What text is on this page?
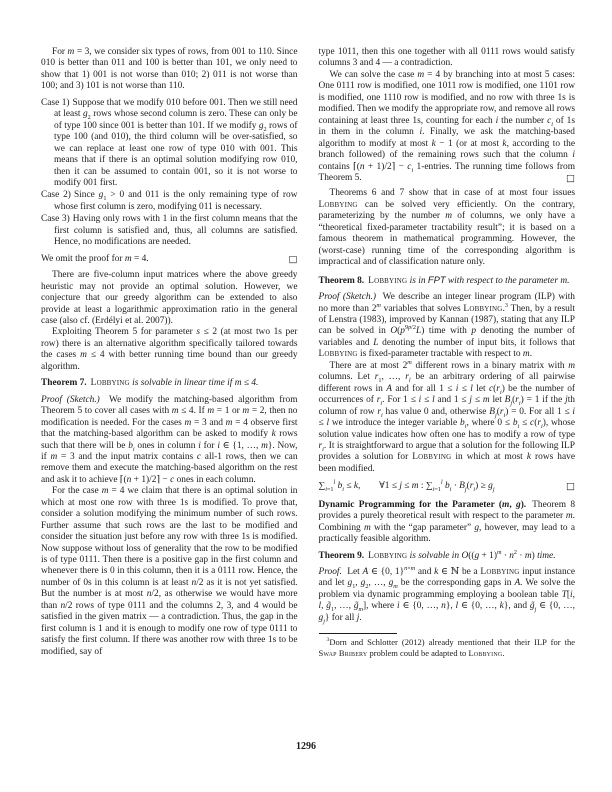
For m = 3, we consider six types of rows, from 001 to 110. Since 010 is better than 011 and 100 is better than 101, we only need to show that 1) 001 is not worse than 010; 2) 011 is not worse than 100; and 3) 101 is not worse than 110.

Case 1) Suppose that we modify 010 before 001. Then we still need at least $g_2$ rows whose second column is zero. These can only be of type 100 since 001 is better than 101. If we modify $g_2$ rows of type 100 (and 010), the third column will be over-satisfied, so we can replace at least one row of type 010 with 001. This means that if there is an optimal solution modifying row 010, then it can be assumed to contain 001, so it is not worse to modify 001 first.
Case 2) Since $g_1 > 0$ and 011 is the only remaining type of row whose first column is zero, modifying 011 is necessary.
Case 3) Having only rows with 1 in the first column means that the first column is satisfied and, thus, all columns are satisfied. Hence, no modifications are needed.
We omit the proof for m = 4.	□

There are five-column input matrices where the above greedy heuristic may not provide an optimal solution. However, we conjecture that our greedy algorithm can be extended to also provide at least a logarithmic approximation ratio in the general case (also cf. (Erdélyi et al. 2007)).

Exploiting Theorem 5 for parameter s ≤ 2 (at most two 1s per row) there is an alternative algorithm specifically tailored towards the cases m ≤ 4 with better running time bound than our greedy algorithm.

Theorem 7. Lobbying is solvable in linear time if m ≤ 4.

Proof (Sketch.)  We modify the matching-based algorithm from Theorem 5 to cover all cases with m ≤ 4. If m = 1 or m = 2, then no modification is needed. For the cases m = 3 and m = 4 observe first that the matching-based algorithm can be asked to modify k rows such that there will be $b_i$ ones in column i for i ∈ {1, …, m}. Now, if m = 3 and the input matrix contains c all-1 rows, then we can remove them and execute the matching-based algorithm on the rest and ask it to achieve ⌈(n + 1)/2⌉ − c ones in each column.

For the case m = 4 we claim that there is an optimal solution in which at most one row with three 1s is modified. To prove that, consider a solution modifying the minimum number of such rows. Further assume that such rows are the last to be modified and consider the situation just before any row with three 1s is modified. Now suppose without loss of generality that the row to be modified is of type 0111. Then there is a positive gap in the first column and whenever there is 0 in this column, then it is a 0111 row. Hence, the number of 0s in this column is at least n/2 as it is not yet satisfied. But the number is at most n/2, as otherwise we would have more than n/2 rows of type 0111 and the columns 2, 3, and 4 would be satisfied in the given matrix — a contradiction. Thus, the gap in the first column is 1 and it is enough to modify one row of type 0111 to satisfy the first column. If there was another row with three 1s to be modified, say of

type 1011, then this one together with all 0111 rows would satisfy columns 3 and 4 — a contradiction.

We can solve the case m = 4 by branching into at most 5 cases: One 0111 row is modified, one 1011 row is modified, one 1101 row is modified, one 1110 row is modified, and no row with three 1s is modified. Then we modify the appropriate row, and remove all rows containing at least three 1s, counting for each i the number $c_i$ of 1s in them in the column i. Finally, we ask the matching-based algorithm to modify at most k − 1 (or at most k, according to the branch followed) of the remaining rows such that the column i contains ⌈(n + 1)/2⌉ − $c_i$ 1-entries. The running time follows from Theorem 5.	□

Theorems 6 and 7 show that in case of at most four issues Lobbying can be solved very efficiently. On the contrary, parameterizing by the number m of columns, we only have a “theoretical fixed-parameter tractability result”; it is based on a famous theorem in mathematical programming. However, the (worst-case) running time of the corresponding algorithm is impractical and of classification nature only.

Theorem 8. Lobbying is in FPT with respect to the parameter m.

Proof (Sketch.)  We describe an integer linear program (ILP) with no more than 2$^m$ variables that solves Lobbying.$^3$ Then, by a result of Lenstra (1983), improved by Kannan (1987), stating that any ILP can be solved in $O(p^{9p/2}L)$ time with p denoting the number of variables and L denoting the number of input bits, it follows that Lobbying is fixed-parameter tractable with respect to m.

There are at most 2$^m$ different rows in a binary matrix with m columns. Let $r_1$, …, $r_l$ be an arbitrary ordering of all pairwise different rows in A and for all 1 ≤ i ≤ l let $c(r_i)$ be the number of occurrences of $r_i$. For 1 ≤ i ≤ l and 1 ≤ j ≤ m let $B_j(r_i) = 1$ if the jth column of row $r_i$ has value 0 and, otherwise $B_j(r_i) = 0$. For all 1 ≤ i ≤ l we introduce the integer variable $b_i$, where $0 \le b_i \le c(r_i)$, whose solution value indicates how often one has to modify a row of type $r_i$. It is straightforward to argue that a solution for the following ILP provides a solution for Lobbying in which at most k rows have been modified.

$\sum_{i=1}^l$ $b_i \le k$,  ∀1 ≤ j ≤ m : $\sum_{i=1}^l$ $b_i \cdot B_j(r_i) \ge g_j$	□

Dynamic Programming for the Parameter (m, g). Theorem 8 provides a purely theoretical result with respect to the parameter m. Combining m with the “gap parameter” g, however, may lead to a practically feasible algorithm.

Theorem 9. Lobbying is solvable in $O((g + 1)^m \cdot n^2 \cdot m)$ time.

Proof.  Let A ∈ {0, 1}$^{n\times m}$ and k ∈ ℕ be a Lobbying input instance and let $g_1$, $g_2$, …, $g_m$ be the corresponding gaps in A. We solve the problem via dynamic programming employing a boolean table T[i, l, $g̃_1$, …, $g̃_m$], where i ∈ {0, …, n}, l ∈ {0, …, k}, and $g̃_j$ ∈ {0, …, $g_j$} for all j.

$^3$Dorn and Schlotter (2012) already mentioned that their ILP for the Swap Bribery problem could be adapted to Lobbying.

1296
